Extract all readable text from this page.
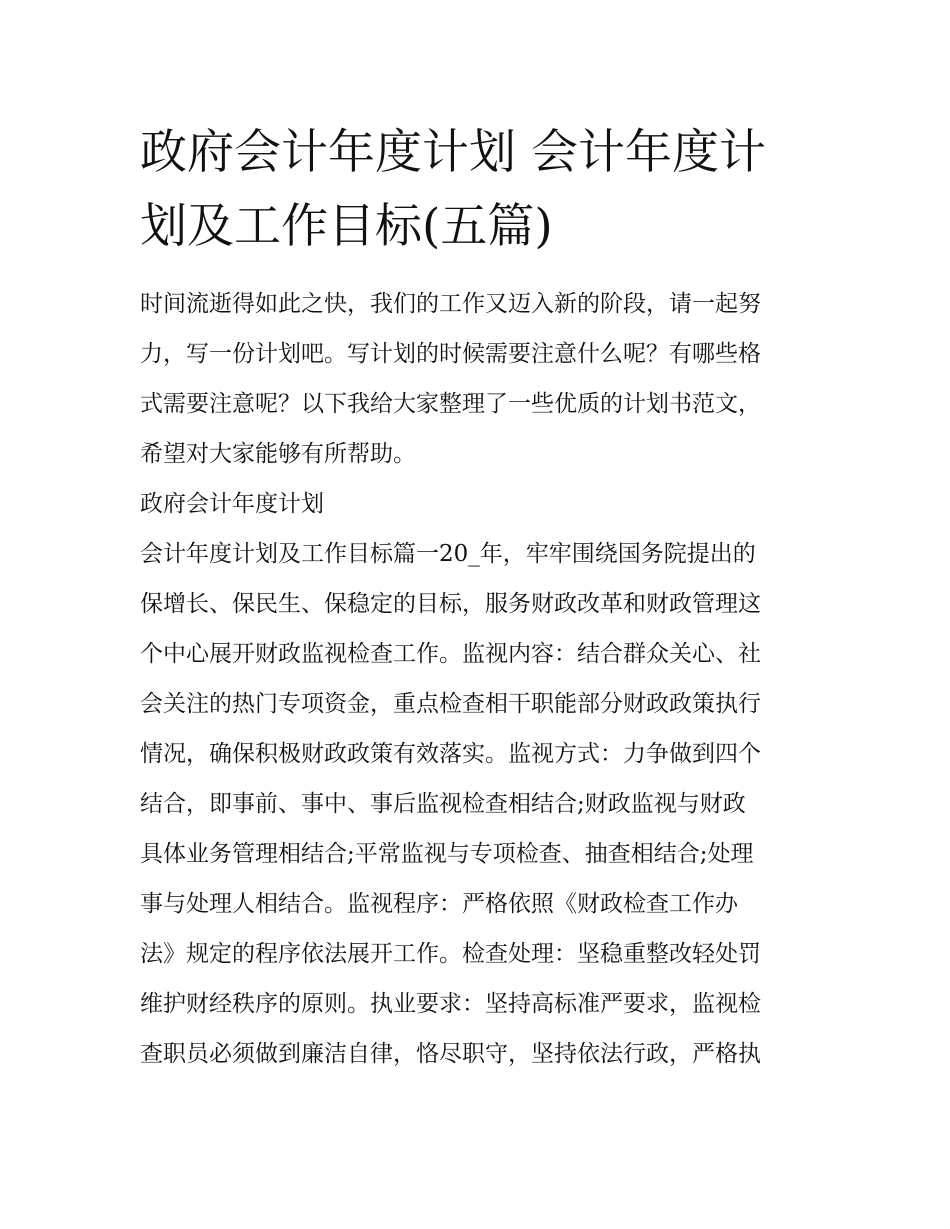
政府会计年度计划 会计年度计
划及工作目标(五篇)
时间流逝得如此之快，我们的工作又迈入新的阶段，请一起努
力，写一份计划吧。写计划的时候需要注意什么呢？有哪些格
式需要注意呢？以下我给大家整理了一些优质的计划书范文，
希望对大家能够有所帮助。
政府会计年度计划
会计年度计划及工作目标篇一20_年，牢牢围绕国务院提出的
保增长、保民生、保稳定的目标，服务财政改革和财政管理这
个中心展开财政监视检查工作。监视内容：结合群众关心、社
会关注的热门专项资金，重点检查相干职能部分财政政策执行
情况，确保积极财政政策有效落实。监视方式：力争做到四个
结合，即事前、事中、事后监视检查相结合;财政监视与财政
具体业务管理相结合;平常监视与专项检查、抽查相结合;处理
事与处理人相结合。监视程序：严格依照《财政检查工作办
法》规定的程序依法展开工作。检查处理：坚稳重整改轻处罚
维护财经秩序的原则。执业要求：坚持高标准严要求，监视检
查职员必须做到廉洁自律，恪尽职守，坚持依法行政，严格执
